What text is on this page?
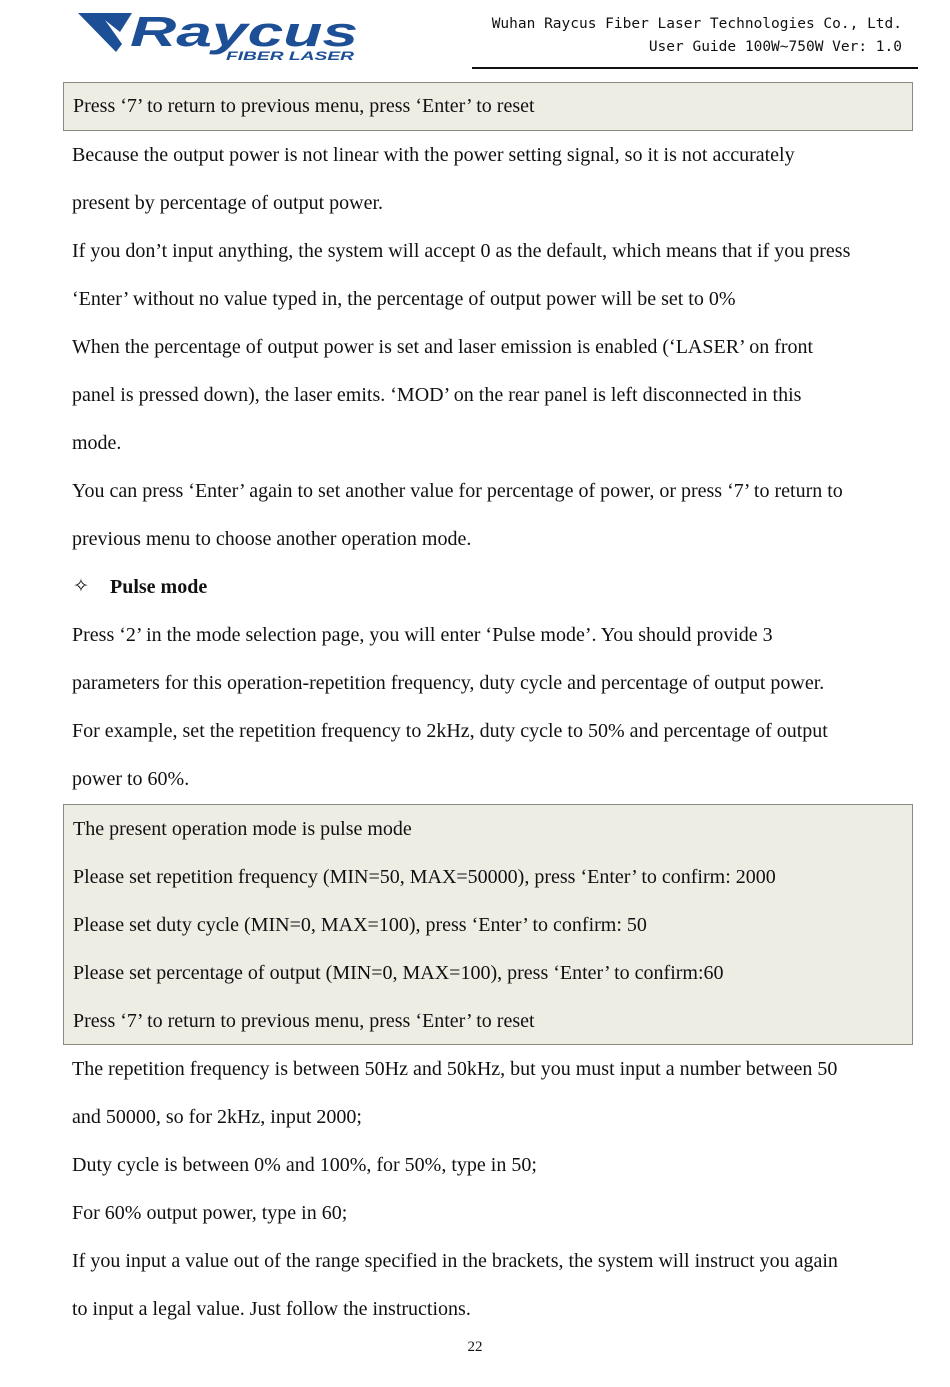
Raycus
FIBER LASER
Wuhan Raycus Fiber Laser Technologies Co., Ltd.
User Guide 100W~750W Ver: 1.0
Press ‘7’ to return to previous menu, press ‘Enter’ to reset
Because the output power is not linear with the power setting signal, so it is not accurately
present by percentage of output power.
If you don’t input anything, the system will accept 0 as the default, which means that if you press
‘Enter’ without no value typed in, the percentage of output power will be set to 0%
When the percentage of output power is set and laser emission is enabled (‘LASER’ on front
panel is pressed down), the laser emits. ‘MOD’ on the rear panel is left disconnected in this
mode.
You can press ‘Enter’ again to set another value for percentage of power, or press ‘7’ to return to
previous menu to choose another operation mode.
✧ Pulse mode
Press ‘2’ in the mode selection page, you will enter ‘Pulse mode’. You should provide 3
parameters for this operation-repetition frequency, duty cycle and percentage of output power.
For example, set the repetition frequency to 2kHz, duty cycle to 50% and percentage of output
power to 60%.
The present operation mode is pulse mode
Please set repetition frequency (MIN=50, MAX=50000), press ‘Enter’ to confirm: 2000
Please set duty cycle (MIN=0, MAX=100), press ‘Enter’ to confirm: 50
Please set percentage of output (MIN=0, MAX=100), press ‘Enter’ to confirm:60
Press ‘7’ to return to previous menu, press ‘Enter’ to reset
The repetition frequency is between 50Hz and 50kHz, but you must input a number between 50
and 50000, so for 2kHz, input 2000;
Duty cycle is between 0% and 100%, for 50%, type in 50;
For 60% output power, type in 60;
If you input a value out of the range specified in the brackets, the system will instruct you again
to input a legal value. Just follow the instructions.
22
